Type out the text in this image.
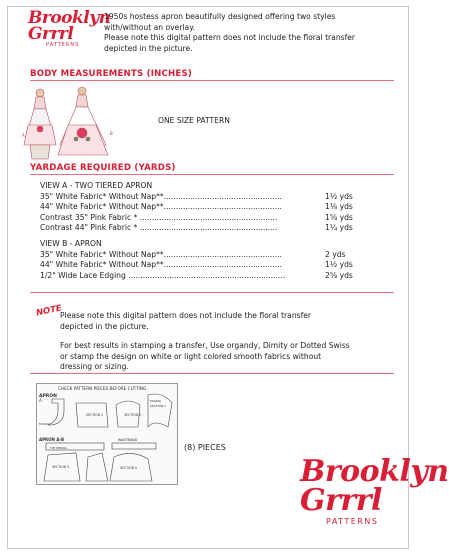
Brooklyn
Grrrl
PATTERNS
1950s hostess apron beautifully designed offering two styles
with/without an overlay.
Please note this digital pattern does not include the floral transfer
depicted in the picture.
BODY MEASUREMENTS (INCHES)
A	B
ONE SIZE PATTERN
YARDAGE REQUIRED (YARDS)
VIEW A - TWO TIERED APRON
35" White Fabric* Without Nap**.................................................	1½ yds
44" White Fabric* Without Nap**.................................................	1⅛ yds
Contrast 35" Pink Fabric * .........................................................	1⅝ yds
Contrast 44" Pink Fabric * .........................................................	1¼ yds
VIEW B - APRON
35" White Fabric* Without Nap**.................................................	2 yds
44" White Fabric* Without Nap**.................................................	1½ yds
1/2" Wide Lace Edging .................................................................	2⅝ yds
NOTE
Please note this digital pattern does not include the floral transfer
depicted in the picture.
For best results in stamping a transfer, Use organdy, Dimity or Dotted Swiss
or stamp the design on white or light colored smooth fabrics without
dressing or sizing.
CHECK PATTERN PIECES BEFORE CUTTING
APRON
A
SECTION 1	SECTION 2
SECTION 1
FACING
FACING
APRON A-B	WAISTBAND
TIE STRING
SECTION 4	SECTION 5
(8) PIECES
Brooklyn
Grrrl
PATTERNS
